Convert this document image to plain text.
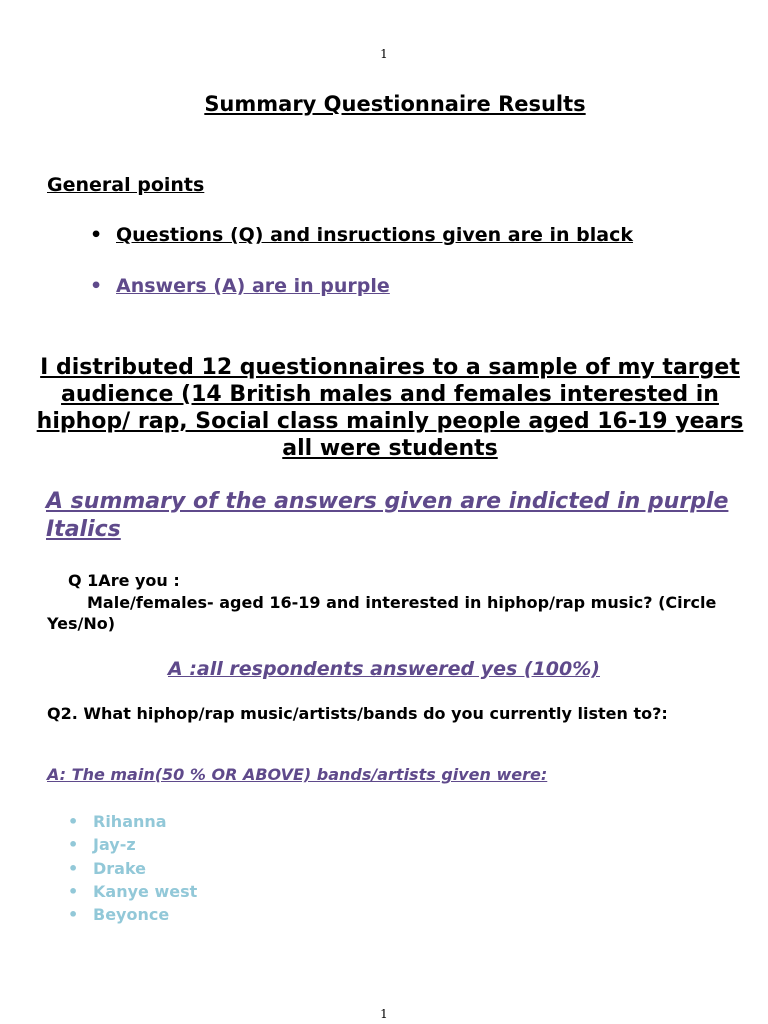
1
Summary Questionnaire Results
General points
• Questions (Q) and insructions given are in black
• Answers (A) are in purple
I distributed 12 questionnaires to a sample of my target audience (14 British males and females interested in hiphop/ rap, Social class mainly people aged 16-19 years all were students
A summary of the answers given are indicted in purple Italics
Q 1Are you :
Male/females- aged 16-19 and interested in hiphop/rap music? (Circle Yes/No)
A :all respondents answered yes (100%)
Q2. What hiphop/rap music/artists/bands do you currently listen to?:
A: The main(50 % OR ABOVE) bands/artists given were:
• Rihanna
• Jay-z
• Drake
• Kanye west
• Beyonce
1
